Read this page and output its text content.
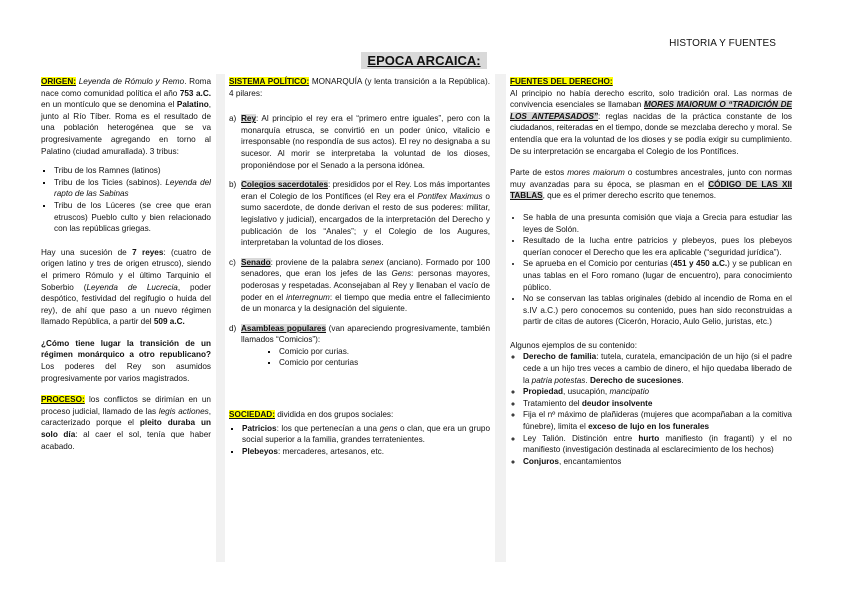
HISTORIA Y FUENTES
EPOCA ARCAICA:

ORIGEN: Leyenda de Rómulo y Remo. Roma nace como comunidad política el año 753 a.C. en un montículo que se denomina el Palatino, junto al Río Tíber. Roma es el resultado de una población heterogénea que se va progresivamente agregando en torno al Palatino (ciudad amurallada). 3 tribus:

▪ Tribu de los Ramnes (latinos)
▪ Tribu de los Ticies (sabinos). Leyenda del rapto de las Sabinas
▪ Tribu de los Lúceres (se cree que eran etruscos) Pueblo culto y bien relacionado con las repúblicas griegas.

Hay una sucesión de 7 reyes: (cuatro de origen latino y tres de origen etrusco), siendo el primero Rómulo y el último Tarquinio el Soberbio (Leyenda de Lucrecia, poder despótico, festividad del regifugio o huida del rey), de ahí que paso a un nuevo régimen llamado República, a partir del 509 a.C.

¿Cómo tiene lugar la transición de un régimen monárquico a otro republicano? Los poderes del Rey son asumidos progresivamente por varios magistrados.

PROCESO: los conflictos se dirimían en un proceso judicial, llamado de las legis actiones, caracterizado porque el pleito duraba un solo día: al caer el sol, tenía que haber acabado.

SISTEMA POLÍTICO: MONARQUÍA (y lenta transición a la República). 4 pilares:

a) Rey: Al principio el rey era el “primero entre iguales”, pero con la monarquía etrusca, se convirtió en un poder único, vitalicio e irresponsable (no respondía de sus actos). El rey no designaba a su sucesor. Al morir se interpretaba la voluntad de los dioses, proponiéndose por el Senado a la persona idónea.
b) Colegios sacerdotales: presididos por el Rey. Los más importantes eran el Colegio de los Pontífices (el Rey era el Pontifex Maximus o sumo sacerdote, de donde derivan el resto de sus poderes: militar, legislativo y judicial), encargados de la interpretación del Derecho y publicación de los “Anales”; y el Colegio de los Augures, interpretaban la voluntad de los dioses.
c) Senado: proviene de la palabra senex (anciano). Formado por 100 senadores, que eran los jefes de las Gens: personas mayores, poderosas y respetadas. Aconsejaban al Rey y llenaban el vacío de poder en el interregnum: el tiempo que media entre el fallecimiento de un monarca y la designación del siguiente.
d) Asambleas populares (van apareciendo progresivamente, también llamados “Comicios”):
▪ Comicio por curias.
▪ Comicio por centurias

SOCIEDAD: dividida en dos grupos sociales:

▪ Patricios: los que pertenecían a una gens o clan, que era un grupo social superior a la familia, grandes terratenientes.
▪ Plebeyos: mercaderes, artesanos, etc.

FUENTES DEL DERECHO:

Al principio no había derecho escrito, solo tradición oral. Las normas de convivencia esenciales se llamaban MORES MAIORUM O “TRADICIÓN DE LOS ANTEPASADOS”: reglas nacidas de la práctica constante de los ciudadanos, reiteradas en el tiempo, donde se mezclaba derecho y moral. Se entendía que era la voluntad de los dioses y se podía exigir su cumplimiento. De su interpretación se encargaba el Colegio de los Pontífices.

Parte de estos mores maiorum o costumbres ancestrales, junto con normas muy avanzadas para su época, se plasman en el CÓDIGO DE LAS XII TABLAS, que es el primer derecho escrito que tenemos.

• Se habla de una presunta comisión que viaja a Grecia para estudiar las leyes de Solón.
• Resultado de la lucha entre patricios y plebeyos, pues los plebeyos querían conocer el Derecho que les era aplicable (“seguridad jurídica”).
• Se aprueba en el Comicio por centurias (451 y 450 a.C.) y se publican en unas tablas en el Foro romano (lugar de encuentro), para conocimiento público.
• No se conservan las tablas originales (debido al incendio de Roma en el s.IV a.C.) pero conocemos su contenido, pues han sido reconstruidas a partir de citas de autores (Cicerón, Horacio, Aulo Gelio, juristas, etc.)

Algunos ejemplos de su contenido:

◦ Derecho de familia: tutela, curatela, emancipación de un hijo (si el padre cede a un hijo tres veces a cambio de dinero, el hijo quedaba liberado de la patria potestas. Derecho de sucesiones.
◦ Propiedad, usucapión, mancipatio
◦ Tratamiento del deudor insolvente
◦ Fija el nº máximo de plañideras (mujeres que acompañaban a la comitiva fúnebre), limita el exceso de lujo en los funerales
◦ Ley Talión. Distinción entre hurto manifiesto (in fraganti) y el no manifiesto (investigación destinada al esclarecimiento de los hechos)
◦ Conjuros, encantamientos
